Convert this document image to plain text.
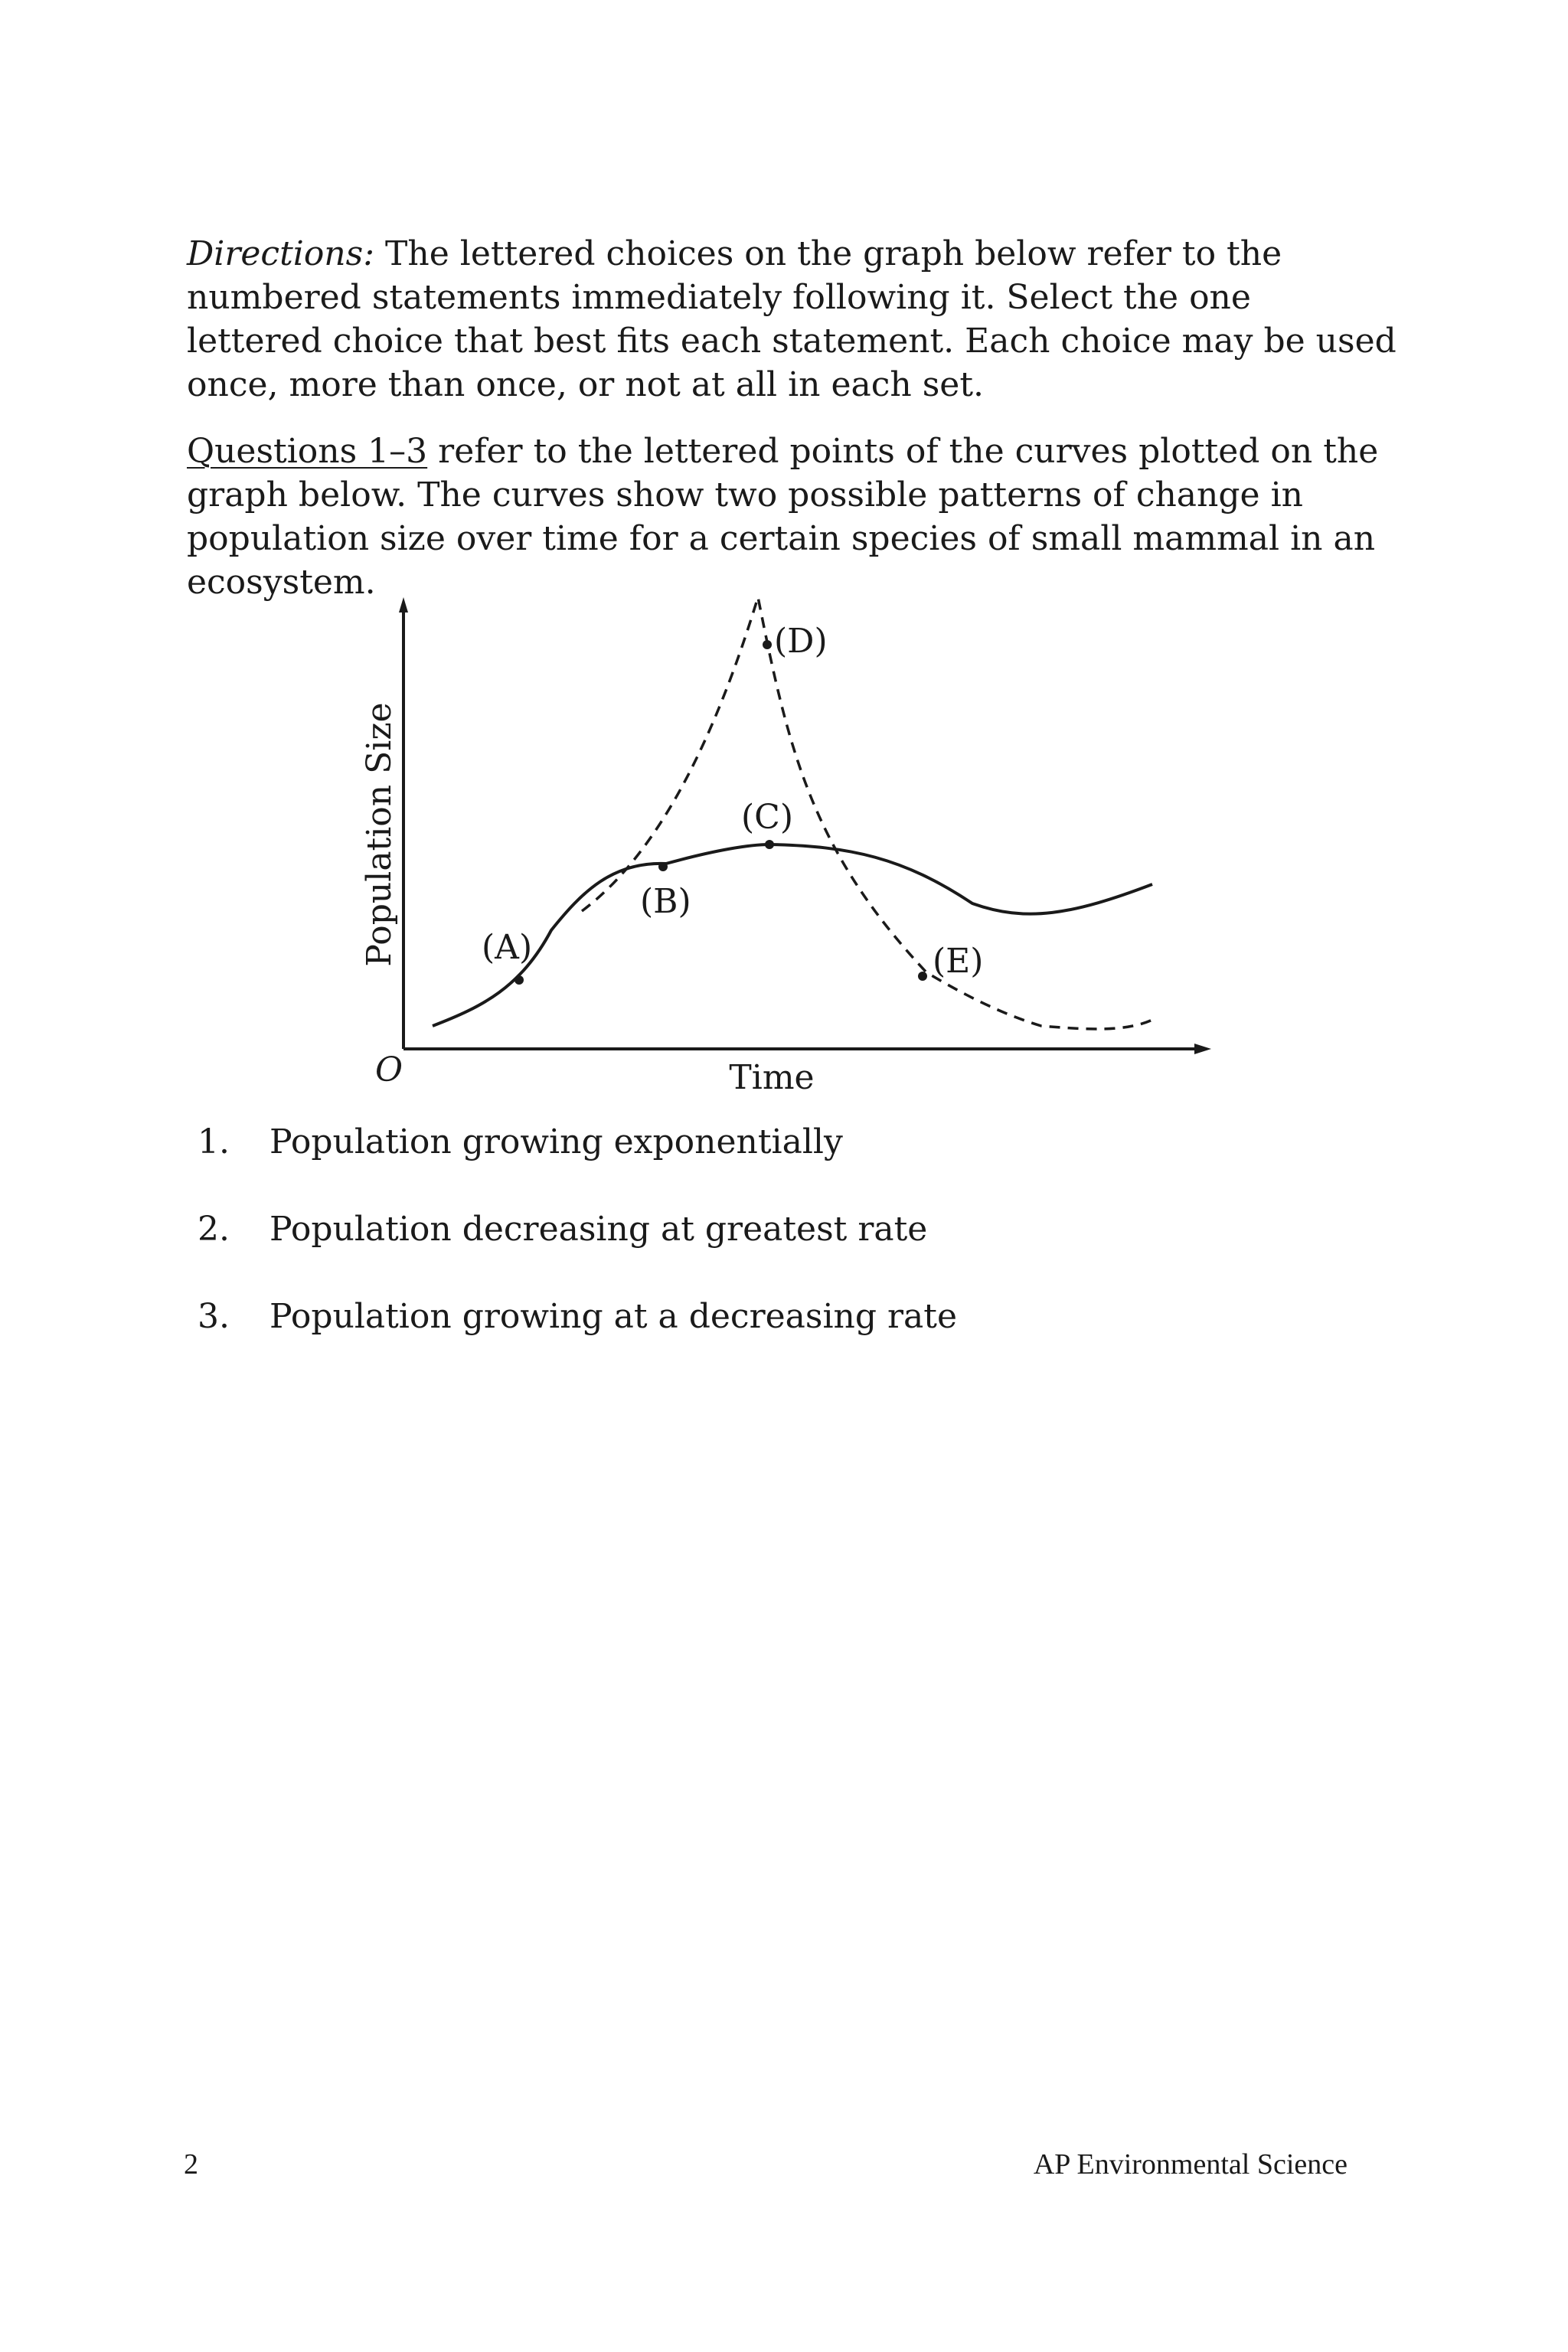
Directions: The lettered choices on the graph below refer to the numbered statements immediately following it. Select the one lettered choice that best fits each statement. Each choice may be used once, more than once, or not at all in each set.

Questions 1–3 refer to the lettered points of the curves plotted on the graph below. The curves show two possible patterns of change in population size over time for a certain species of small mammal in an ecosystem.

Population Size
Time
O
(A)
(B)
(C)
(D)
(E)
1. Population growing exponentially
2. Population decreasing at greatest rate
3. Population growing at a decreasing rate
2	AP Environmental Science
